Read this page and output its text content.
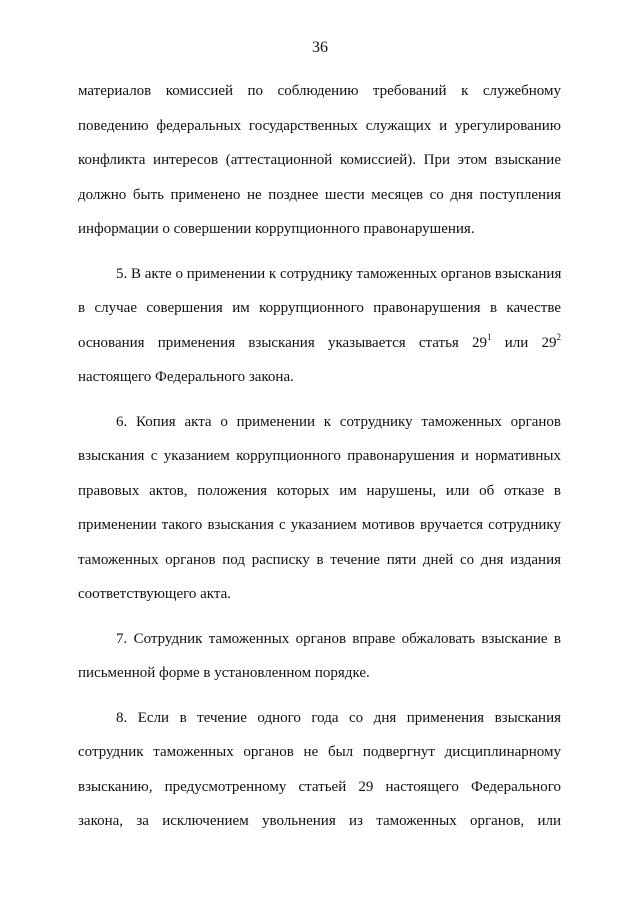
36
материалов комиссией по соблюдению требований к служебному
поведению федеральных государственных служащих и урегулированию
конфликта интересов (аттестационной комиссией). При этом взыскание
должно быть применено не позднее шести месяцев со дня поступления
информации о совершении коррупционного правонарушения.
5. В акте о применении к сотруднику таможенных органов взыскания
в случае совершения им коррупционного правонарушения в качестве
основания применения взыскания указывается статья $29^1$ или $29^2$
настоящего Федерального закона.
6. Копия акта о применении к сотруднику таможенных органов
взыскания с указанием коррупционного правонарушения и нормативных
правовых актов, положения которых им нарушены, или об отказе в
применении такого взыскания с указанием мотивов вручается сотруднику
таможенных органов под расписку в течение пяти дней со дня издания
соответствующего акта.
7. Сотрудник таможенных органов вправе обжаловать взыскание в
письменной форме в установленном порядке.
8. Если в течение одного года со дня применения взыскания
сотрудник таможенных органов не был подвергнут дисциплинарному
взысканию, предусмотренному статьей 29 настоящего Федерального
закона, за исключением увольнения из таможенных органов, или
